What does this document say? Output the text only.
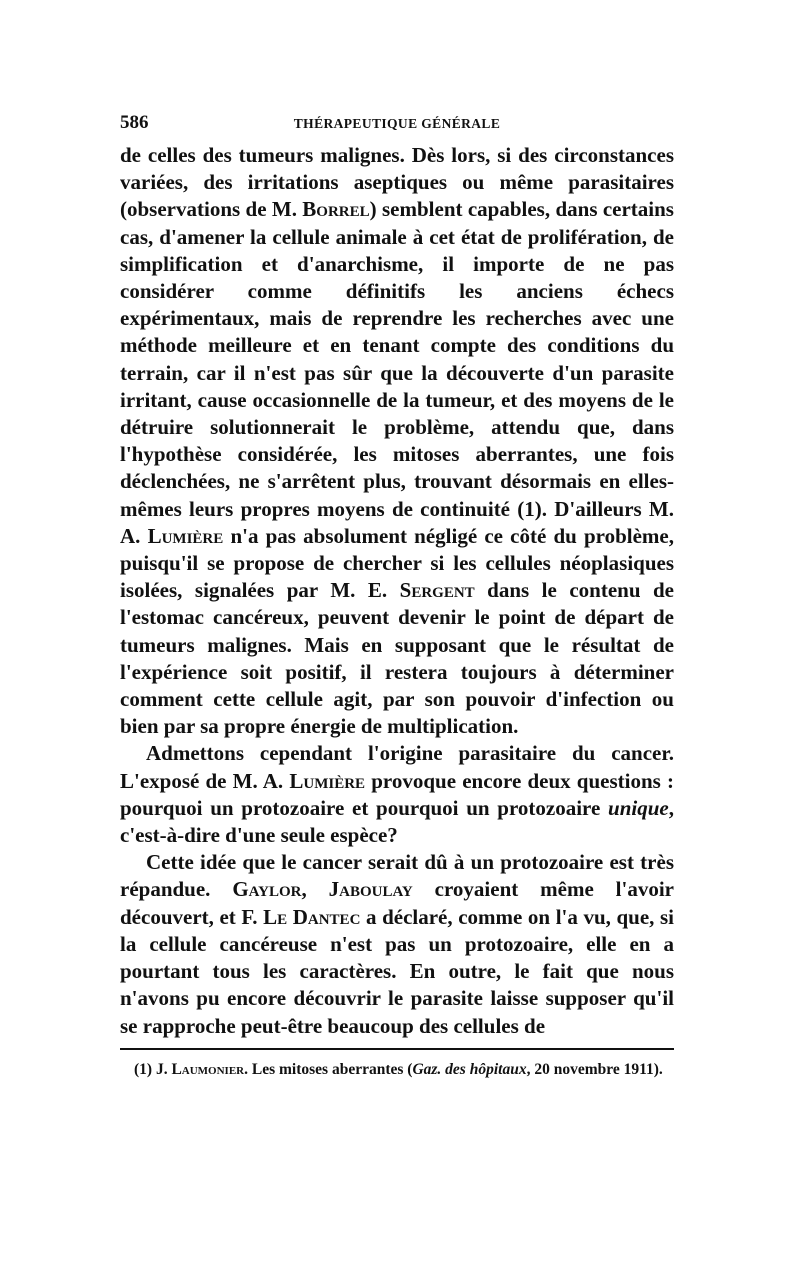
586	THÉRAPEUTIQUE GÉNÉRALE

de celles des tumeurs malignes. Dès lors, si des circonstances variées, des irritations aseptiques ou même parasitaires (observations de M. Borrel) semblent capables, dans certains cas, d'amener la cellule animale à cet état de prolifération, de simplification et d'anarchisme, il importe de ne pas considérer comme définitifs les anciens échecs expérimentaux, mais de reprendre les recherches avec une méthode meilleure et en tenant compte des conditions du terrain, car il n'est pas sûr que la découverte d'un parasite irritant, cause occasionnelle de la tumeur, et des moyens de le détruire solutionnerait le problème, attendu que, dans l'hypothèse considérée, les mitoses aberrantes, une fois déclenchées, ne s'arrêtent plus, trouvant désormais en elles-mêmes leurs propres moyens de continuité (1). D'ailleurs M. A. Lumière n'a pas absolument négligé ce côté du problème, puisqu'il se propose de chercher si les cellules néoplasiques isolées, signalées par M. E. Sergent dans le contenu de l'estomac cancéreux, peuvent devenir le point de départ de tumeurs malignes. Mais en supposant que le résultat de l'expérience soit positif, il restera toujours à déterminer comment cette cellule agit, par son pouvoir d'infection ou bien par sa propre énergie de multiplication.

Admettons cependant l'origine parasitaire du cancer. L'exposé de M. A. Lumière provoque encore deux questions : pourquoi un protozoaire et pourquoi un protozoaire unique, c'est-à-dire d'une seule espèce?

Cette idée que le cancer serait dû à un protozoaire est très répandue. Gaylor, Jaboulay croyaient même l'avoir découvert, et F. Le Dantec a déclaré, comme on l'a vu, que, si la cellule cancéreuse n'est pas un protozoaire, elle en a pourtant tous les caractères. En outre, le fait que nous n'avons pu encore découvrir le parasite laisse supposer qu'il se rapproche peut-être beaucoup des cellules de

(1) J. Laumonier. Les mitoses aberrantes (Gaz. des hôpitaux, 20 novembre 1911).
